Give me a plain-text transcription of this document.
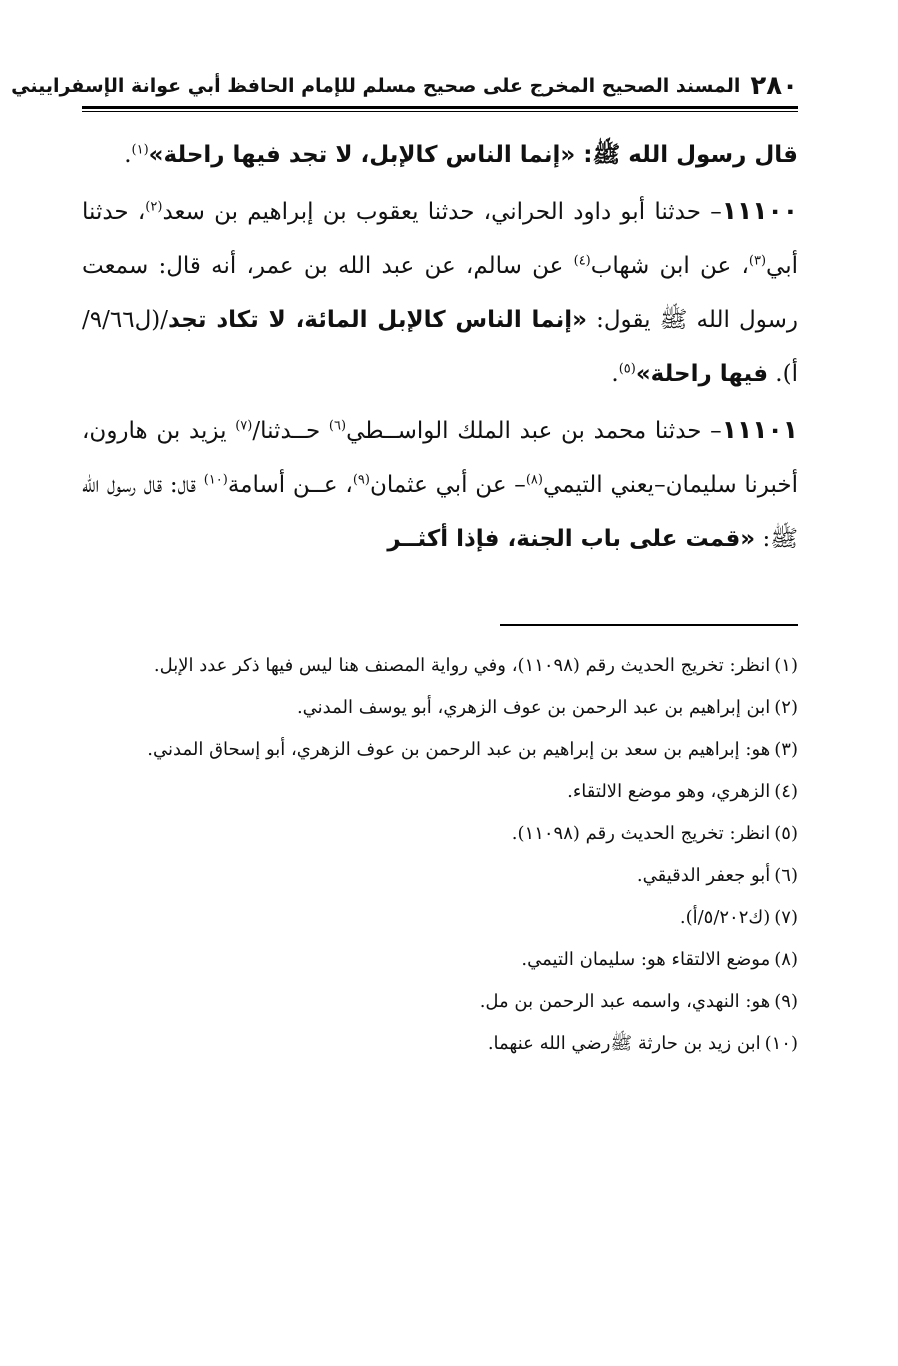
٢٨٠
المسند الصحيح المخرج على صحيح مسلم للإمام الحافظ أبي عوانة الإسفراييني

قال رسول الله ﷺ: «إنما الناس كالإبل، لا تجد فيها راحلة»$^{(١)}$.

١١١٠٠– حدثنا أبو داود الحراني، حدثنا يعقوب بن إبراهيم بن سعد$^{(٢)}$، حدثنا أبي$^{(٣)}$، عن ابن شهاب$^{(٤)}$ عن سالم، عن عبد الله بن عمر، أنه قال: سمعت رسول الله ﷺ يقول: «إنما الناس كالإبل المائة، لا تكاد تجد/(ل٩/٦٦/أ). فيها راحلة»$^{(٥)}$.

١١١٠١– حدثنا محمد بن عبد الملك الواســطي$^{(٦)}$ حــدثنا/$^{(٧)}$ يزيد بن هارون، أخبرنا سليمان–يعني التيمي$^{(٨)}$– عن أبي عثمان$^{(٩)}$، عــن أسامة$^{(١٠)}$ قال: قال رسول الله ﷺ: «قمت على باب الجنة، فإذا أكثــر

(١)انظر: تخريج الحديث رقم (١١٠٩٨)، وفي رواية المصنف هنا ليس فيها ذكر عدد الإبل.

(٢)ابن إبراهيم بن عبد الرحمن بن عوف الزهري، أبو يوسف المدني.

(٣)هو: إبراهيم بن سعد بن إبراهيم بن عبد الرحمن بن عوف الزهري، أبو إسحاق المدني.

(٤)الزهري، وهو موضع الالتقاء.

(٥)انظر: تخريج الحديث رقم (١١٠٩٨).

(٦)أبو جعفر الدقيقي.

(٧)(ك٥/٢٠٢/أ).

(٨)موضع الالتقاء هو: سليمان التيمي.

(٩)هو: النهدي، واسمه عبد الرحمن بن مل.

(١٠)ابن زيد بن حارثة ﷺرضي الله عنهما.
